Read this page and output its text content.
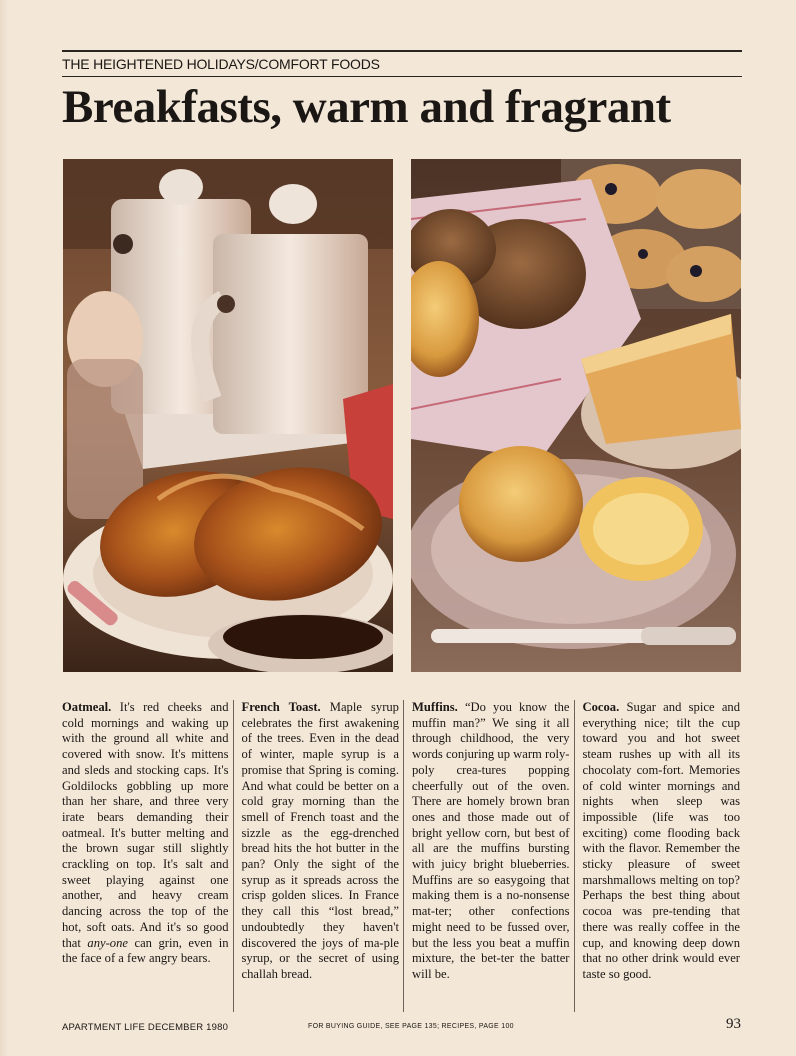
THE HEIGHTENED HOLIDAYS/COMFORT FOODS
Breakfasts, warm and fragrant
Oatmeal. It's red cheeks and cold mornings and waking up with the ground all white and covered with snow. It's mittens and sleds and stocking caps. It's Goldilocks gobbling up more than her share, and three very irate bears demanding their oatmeal. It's butter melting and the brown sugar still slightly crackling on top. It's salt and sweet playing against one another, and heavy cream dancing across the top of the hot, soft oats. And it's so good that any-one can grin, even in the face of a few angry bears.
French Toast. Maple syrup celebrates the first awakening of the trees. Even in the dead of winter, maple syrup is a promise that Spring is coming. And what could be better on a cold gray morning than the smell of French toast and the sizzle as the egg-drenched bread hits the hot butter in the pan? Only the sight of the syrup as it spreads across the crisp golden slices. In France they call this “lost bread,” undoubtedly they haven't discovered the joys of ma-ple syrup, or the secret of using challah bread.
Muffins. “Do you know the muffin man?” We sing it all through childhood, the very words conjuring up warm roly-poly crea-tures popping cheerfully out of the oven. There are homely brown bran ones and those made out of bright yellow corn, but best of all are the muffins bursting with juicy bright blueberries. Muffins are so easygoing that making them is a no-nonsense mat-ter; other confections might need to be fussed over, but the less you beat a muffin mixture, the bet-ter the batter will be.
Cocoa. Sugar and spice and everything nice; tilt the cup toward you and hot sweet steam rushes up with all its chocolaty com-fort. Memories of cold winter mornings and nights when sleep was impossible (life was too exciting) come flooding back with the flavor. Remember the sticky pleasure of sweet marshmallows melting on top? Perhaps the best thing about cocoa was pre-tending that there was really coffee in the cup, and knowing deep down that no other drink would ever taste so good.
APARTMENT LIFE DECEMBER 1980	FOR BUYING GUIDE, SEE PAGE 135; RECIPES, PAGE 100	93
